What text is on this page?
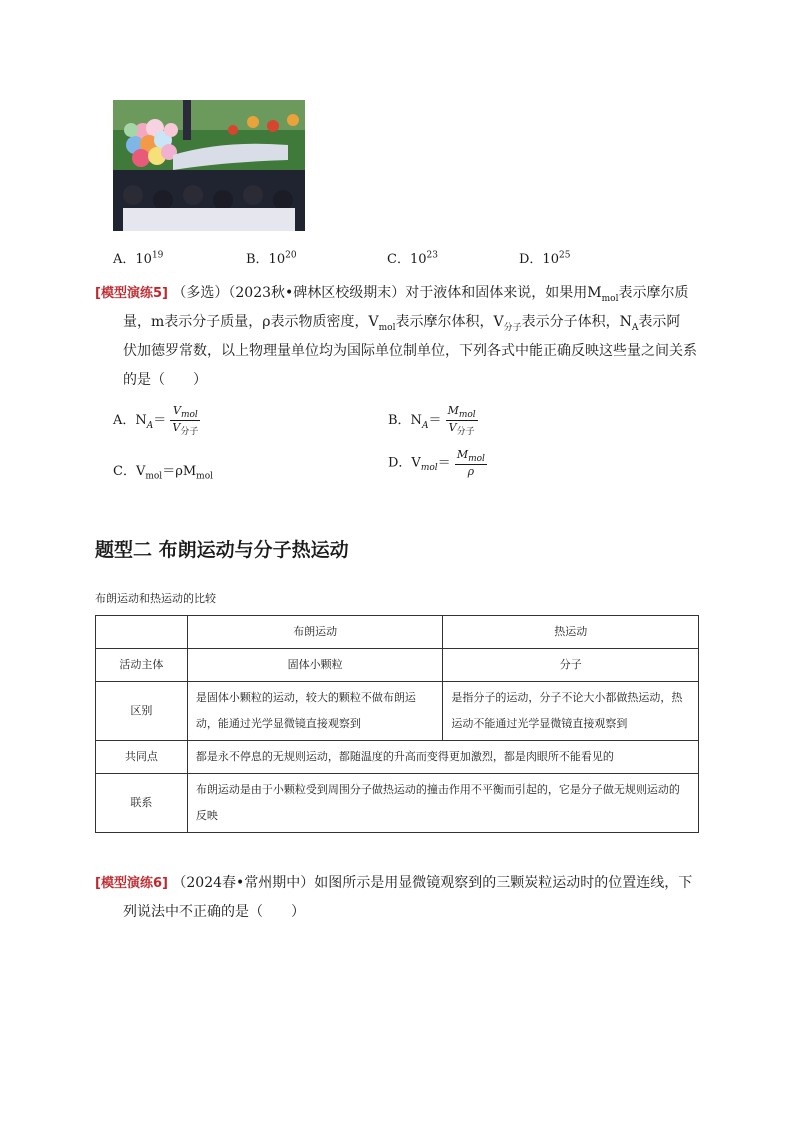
A．$10^{19}$	B．$10^{20}$	C．$10^{23}$	D．$10^{25}$
[模型演练5] （多选）（2023秋•碑林区校级期末）对于液体和固体来说，如果用$M_{mol}$表示摩尔质
量，m表示分子质量，ρ表示物质密度，$V_{mol}$表示摩尔体积，$V_{分子}$表示分子体积，$N_A$表示阿
伏加德罗常数，以上物理量单位均为国际单位制单位，下列各式中能正确反映这些量之间关系
的是（　　）
A．$N_A= \frac{V_{mol}}{V_{分子}}$	B．$N_A= \frac{M_{mol}}{V_{分子}}$
C．$V_{mol}=\rho M_{mol}$
D．$V_{mol}= \frac{M_{mol}}{\rho}$
题型二 布朗运动与分子热运动
布朗运动和热运动的比较
	布朗运动	热运动
活动主体	固体小颗粒	分子
区别	是固体小颗粒的运动，较大的颗粒不做布朗运动，能通过光学显微镜直接观察到	是指分子的运动，分子不论大小都做热运动，热运动不能通过光学显微镜直接观察到
共同点	都是永不停息的无规则运动，都随温度的升高而变得更加激烈，都是肉眼所不能看见的	
联系	布朗运动是由于小颗粒受到周围分子做热运动的撞击作用不平衡而引起的，它是分子做无规则运动的反映	
[模型演练6] （2024春•常州期中）如图所示是用显微镜观察到的三颗炭粒运动时的位置连线，下
列说法中不正确的是（　　）
